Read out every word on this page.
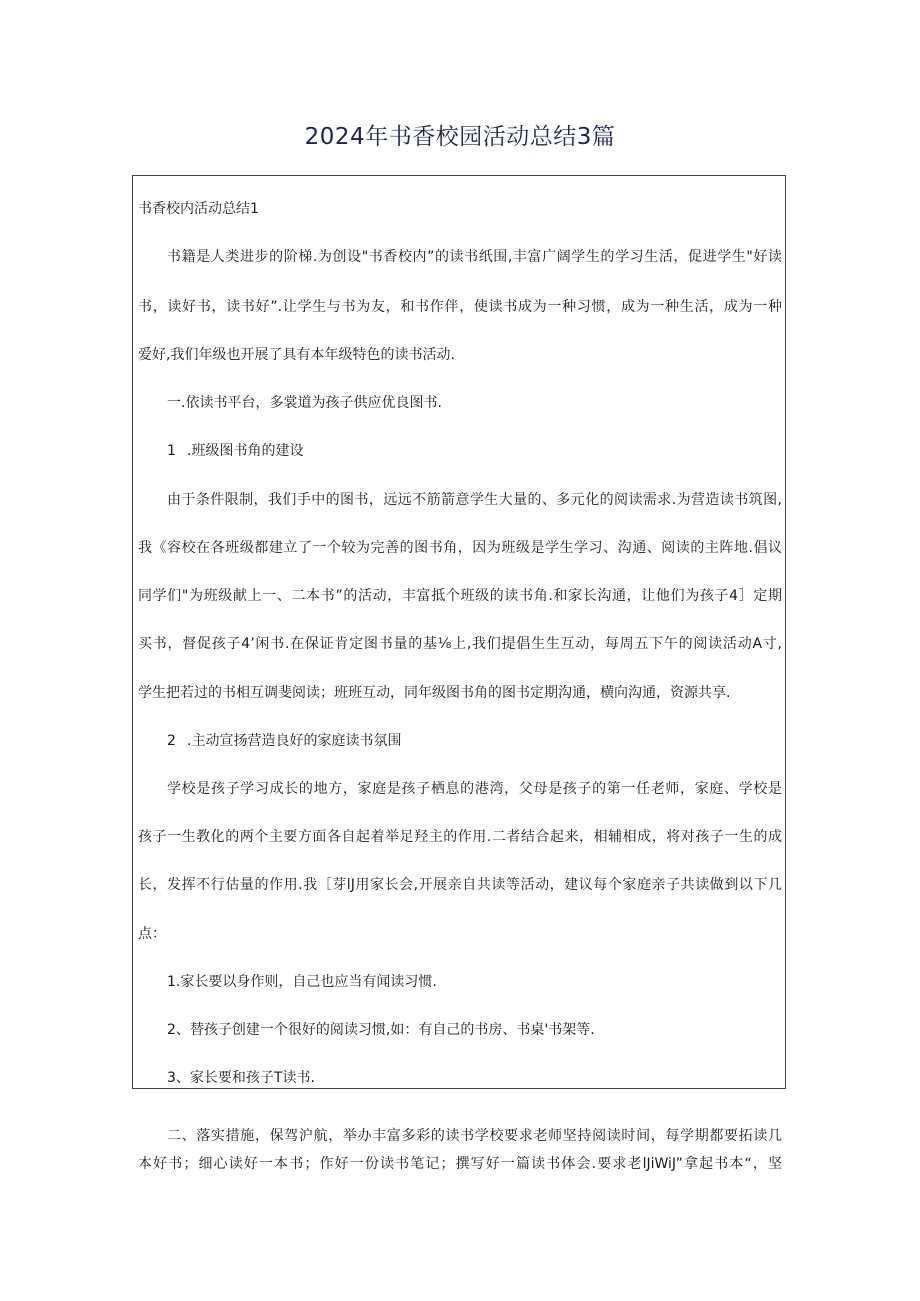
2024年书香校园活动总结3篇

书香校内活动总结1

书籍是人类进步的阶梯.为创设"书香校内”的读书纸围,丰富广阔学生的学习生活，促进学生"好读

书，读好书，读书好”.让学生与书为友，和书作伴，使读书成为一种习惯，成为一种生活，成为一种

爱好,我们年级也开展了具有本年级特色的读书活动.

一.依读书平台，多裳道为孩子供应优良图书.

1 .班级图书角的建设

由于条件限制，我们手中的图书，远远不筋箭意学生大量的、多元化的阅读需求.为营造读书筑图,

我《容校在各班级都建立了一个较为完善的图书角，因为班级是学生学习、沟通、阅读的主阵地.倡议

同学们"为班级献上一、二本书”的活动，丰富抵个班级的读书角.和家长沟通，让他们为孩子4］定期

买书，督促孩子4’闲书.在保证肯定图书量的基⅛上,我们提倡生生互动，每周五下午的阅读活动A寸,

学生把若过的书相互调斐阅读；班班互动，同年级图书角的图书定期沟通，横向沟通，资源共享.

2 .主动宣扬营造良好的家庭读书氛围

学校是孩子学习成长的地方，家庭是孩子栖息的港湾，父母是孩子的第一任老师，家庭、学校是

孩子一生教化的两个主要方面各自起着举足羟主的作用.二者结合起来，相辅相成，将对孩子一生的成

长，发挥不行估量的作用.我［芽lJ用家长会,开展亲自共读等活动，建议每个家庭亲子共读做到以下几

点：

1.家长要以身作则，自己也应当有闻读习惯.

2、替孩子创建一个很好的阅读习惯,如：有自己的书房、书桌'书架等.

3、家长要和孩子T读书.

二、落实措施，保驾沪航，举办丰富多彩的读书学校要求老师坚持阅读时间，每学期都要拓读几

本好书；细心读好一本书；作好一份读书笔记；撰写好一篇读书体会.要求老lJiWiJ”拿起书本“，坚
